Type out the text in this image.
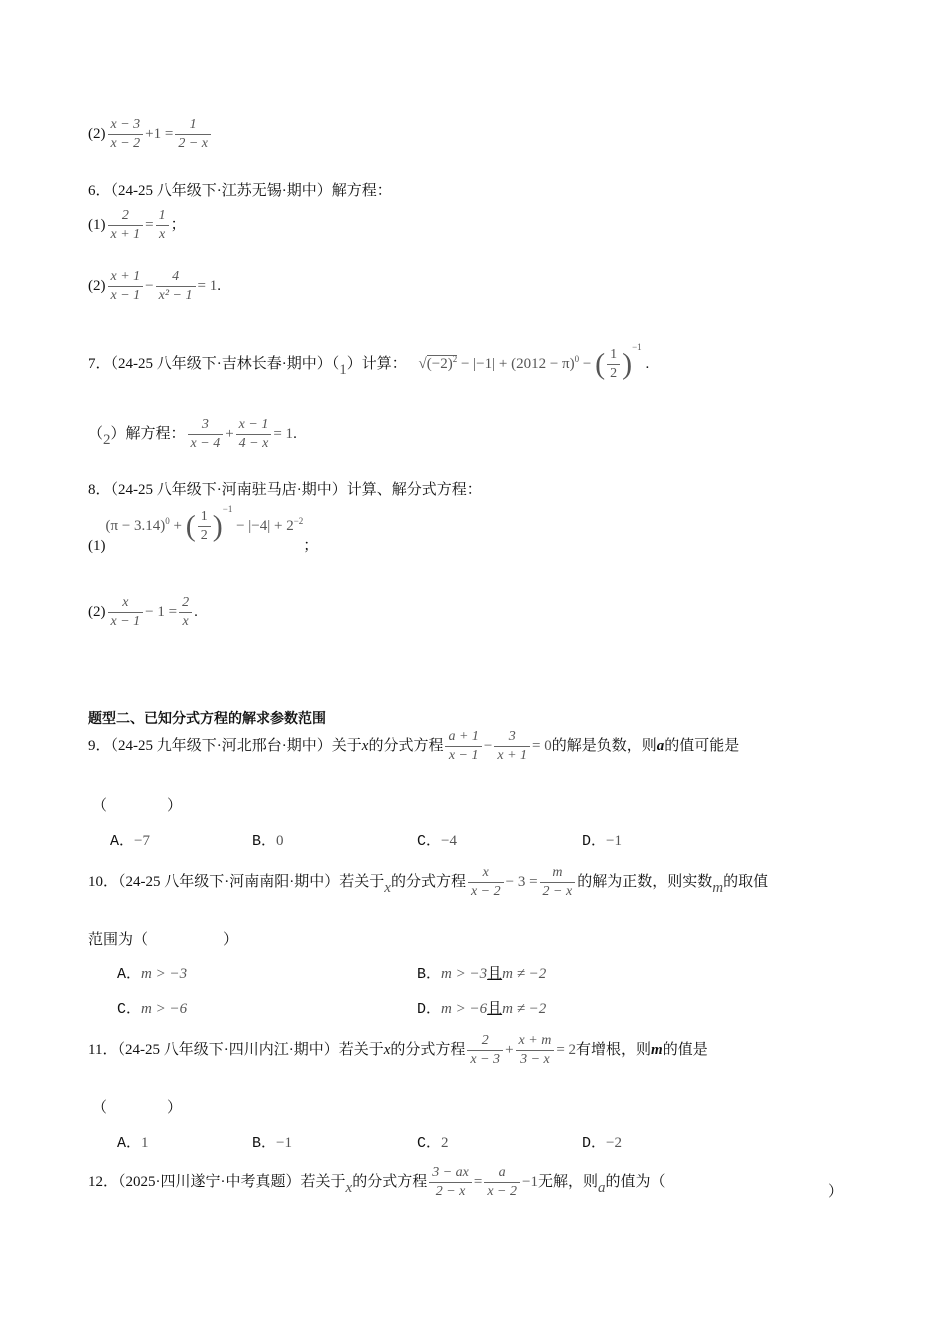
$(2) \frac{x - 3}{x - 2} +1 = \frac{1}{2 - x}$
6．（24-25 八年级下·江苏无锡·期中）解方程：
$(1) \frac{2}{x + 1} = \frac{1}{x}$ ；
$(2) \frac{x + 1}{x - 1} - \frac{4}{\text{x² − 1}} = 1$.
7．（24-25 八年级下·吉林长春·期中）（1）计算： $√(-2)^2 - |-1| + (2012 - \pi)^0$ − ( $\frac{1}{2} )^{-1}$ .
（2）解方程： $\frac{3}{x - 4} + \frac{x - 1}{4 - x} = 1$.
8．（24-25 八年级下·河南驻马店·期中）计算、解分式方程：
$(1)(\pi - 3.14)^0$ + ( $\frac{1}{2} )^{-1} - |-4| + 2^{-2}$；
$(2) \frac{x}{x - 1} - 1 = \frac{2}{x}$ .
题型二、已知分式方程的解求参数范围
9．（24-25 九年级下·河北邢台·期中）关于x的分式方程 $\frac{a + 1}{x - 1} - \frac{3}{x + 1} = 0$的解是负数，则a的值可能是
（　　　　）
A．−7	B．0	C．−4	D．−1
10．（24-25 八年级下·河南南阳·期中）若关于x的分式方程 $\frac{x}{x - 2} - 3 = \frac{m}{2 - x}$ 的解为正数，则实数m的取值
范围为（　　　　　）
A．m > −3	B．m > −3且m ≠ −2
C．m > −6	D．m > −6且m ≠ −2
11．（24-25 八年级下·四川内江·期中）若关于x的分式方程 $\frac{2}{x - 3} + \frac{x + m}{3 - x} = 2$有增根，则m的值是
（　　　　）
A．1	B．−1	C．2	D．−2
12．（2025·四川遂宁·中考真题）若关于x的分式方程 $\frac{3 - ax}{2 - x} = \frac{a}{x - 2} -1$无解，则a的值为（
）
